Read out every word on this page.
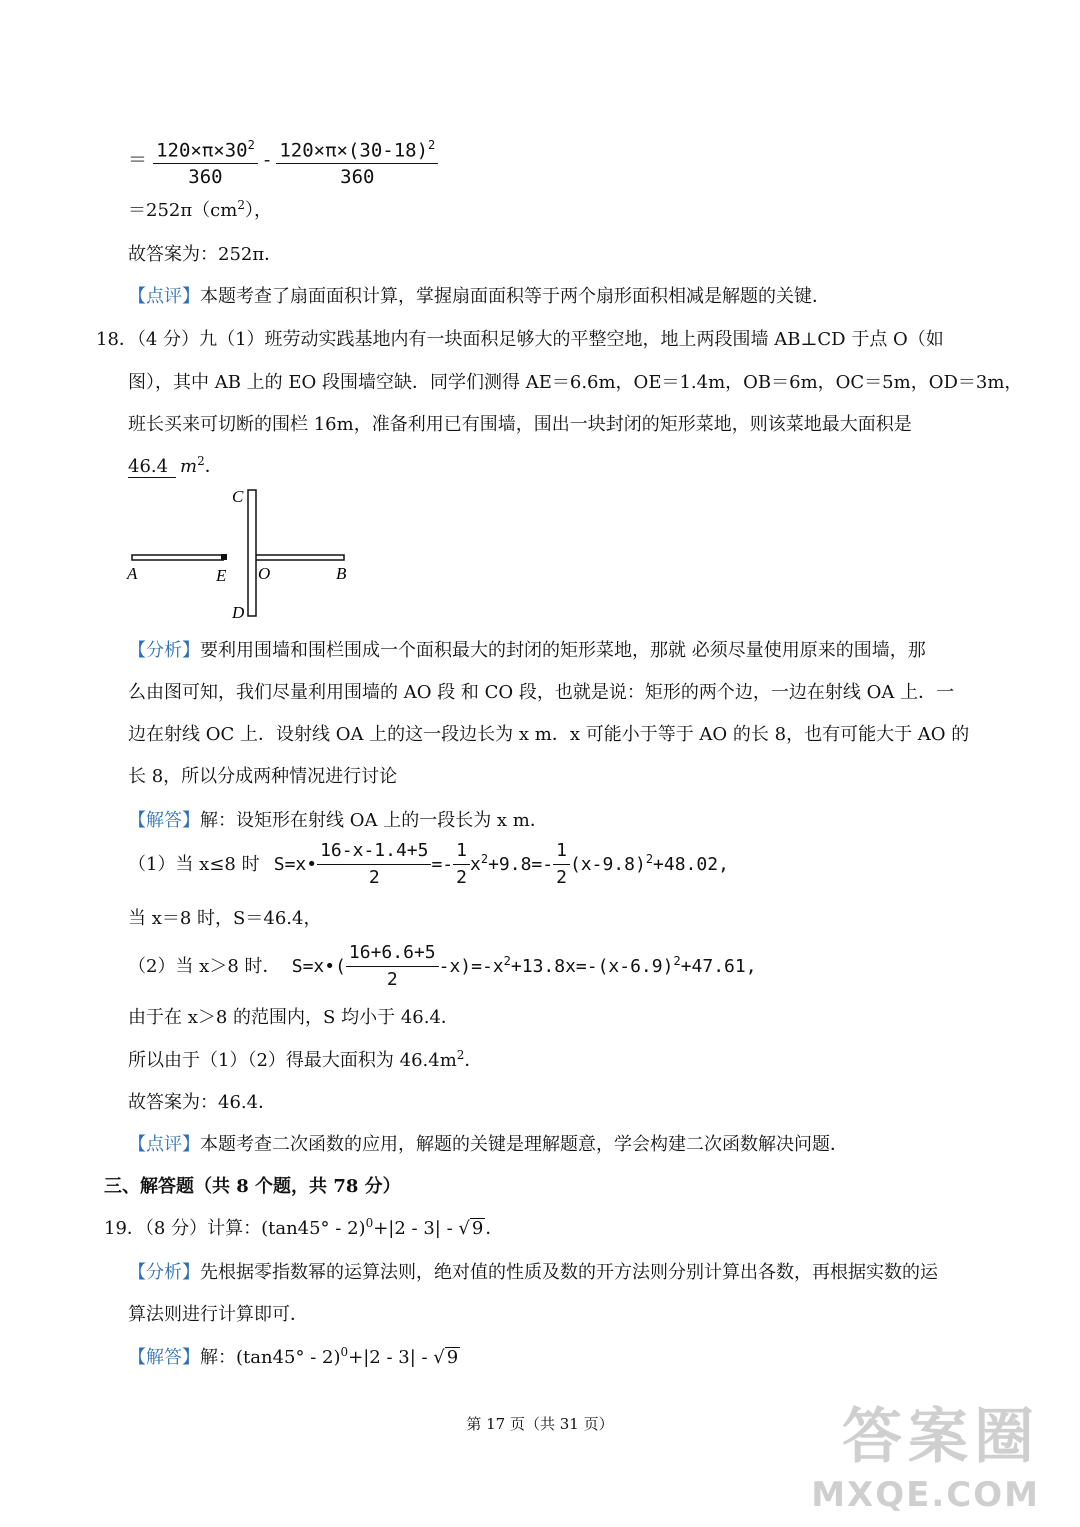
＝ $\frac{120\times\pi\times 30^2}{360} - \frac{120\times\pi\times(30-18)^2}{360}$
$=252\pi(cm^2)$，
故答案为：252π．
【点评】本题考查了扇面面积计算，掌握扇面面积等于两个扇形面积相减是解题的关键．
18．（4 分）九（1）班劳动实践基地内有一块面积足够大的平整空地，地上两段围墙 AB⊥CD 于点 O（如
图），其中 AB 上的 EO 段围墙空缺．同学们测得 AE＝6.6m，OE＝1.4m，OB＝6m，OC＝5m，OD＝3m，
班长买来可切断的围栏 16m，准备利用已有围墙，围出一块封闭的矩形菜地，则该菜地最大面积是
46.4 $m^2$．
C
D
A	E O	B
【分析】要利用围墙和围栏围成一个面积最大的封闭的矩形菜地，那就 必须尽量使用原来的围墙，那
么由图可知，我们尽量利用围墙的 AO 段 和 CO 段，也就是说：矩形的两个边，一边在射线 OA 上．一
边在射线 OC 上．设射线 OA 上的这一段边长为 x m．x 可能小于等于 AO 的长 8，也有可能大于 AO 的
长 8，所以分成两种情况进行讨论
【解答】解：设矩形在射线 OA 上的一段长为 x m．
（1）当 x≤8 时 S=x• $\frac{16-x-1.4+5}{2} =- \frac{1}{2} x^2+9.8=- \frac{1}{2} (x-9.8)^2+48.02$,
当 x＝8 时，S＝46.4，
（2）当 x＞8 时． S=x•( $\frac{16+6.6+5}{2} -x)=-x^2+13.8x=-(x-6.9)^2+47.61$,
由于在 x＞8 的范围内，S 均小于 46.4．
所以由于（1）（2）得最大面积为 $46.4m^2$．
故答案为：46.4．
【点评】本题考查二次函数的应用，解题的关键是理解题意，学会构建二次函数解决问题．
三、解答题（共 8 个题，共 78 分）
19．（8 分）计算：(tan45° - 2)$^0$+|2 - 3| - √ 9 ．
【分析】先根据零指数幂的运算法则，绝对值的性质及数的开方法则分别计算出各数，再根据实数的运
算法则进行计算即可．
【解答】解：(tan45° - 2)$^0$+|2 - 3| - √ 9
第 17 页（共 31 页）	答案圈
MXQE.COM
